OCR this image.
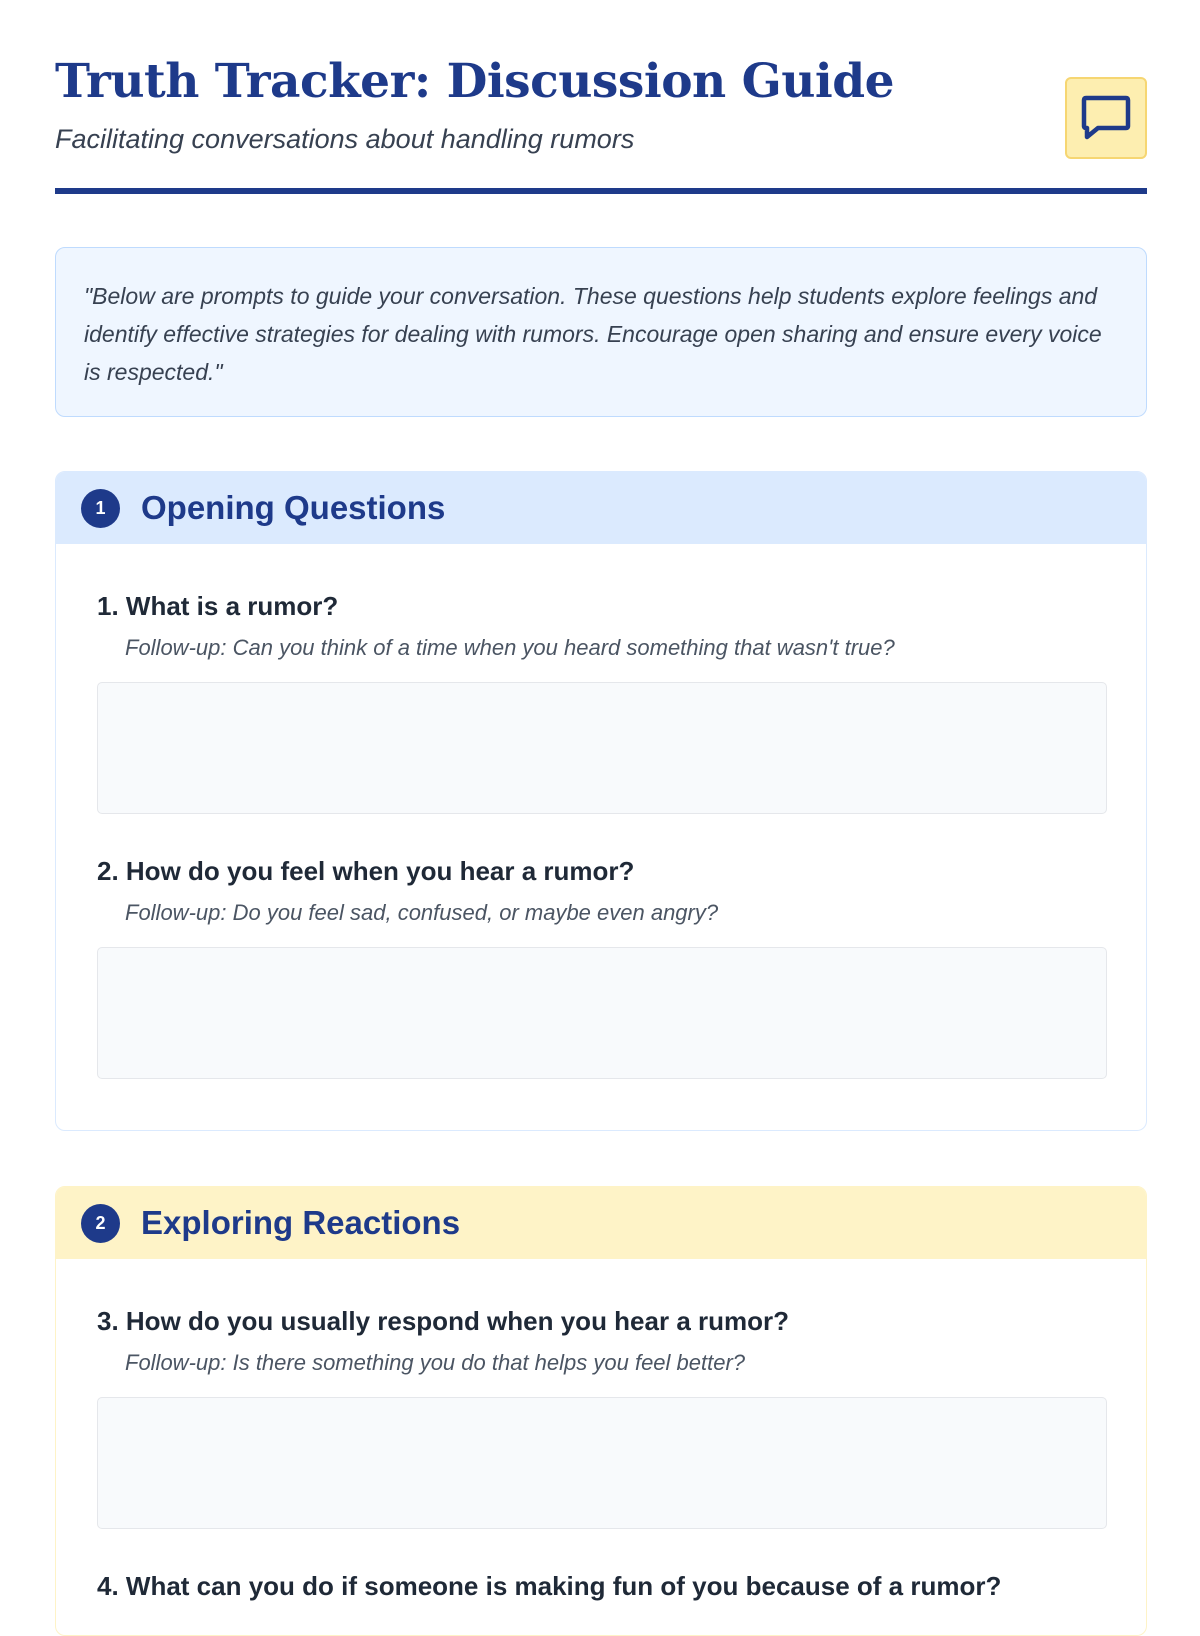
Truth Tracker: Discussion Guide

Facilitating conversations about handling rumors

"Below are prompts to guide your conversation. These questions help students explore feelings and identify effective strategies for dealing with rumors. Encourage open sharing and ensure every voice is respected."

1	Opening Questions

1. What is a rumor?

Follow-up: Can you think of a time when you heard something that wasn't true?

2. How do you feel when you hear a rumor?

Follow-up: Do you feel sad, confused, or maybe even angry?

2	Exploring Reactions

3. How do you usually respond when you hear a rumor?

Follow-up: Is there something you do that helps you feel better?

4. What can you do if someone is making fun of you because of a rumor?
